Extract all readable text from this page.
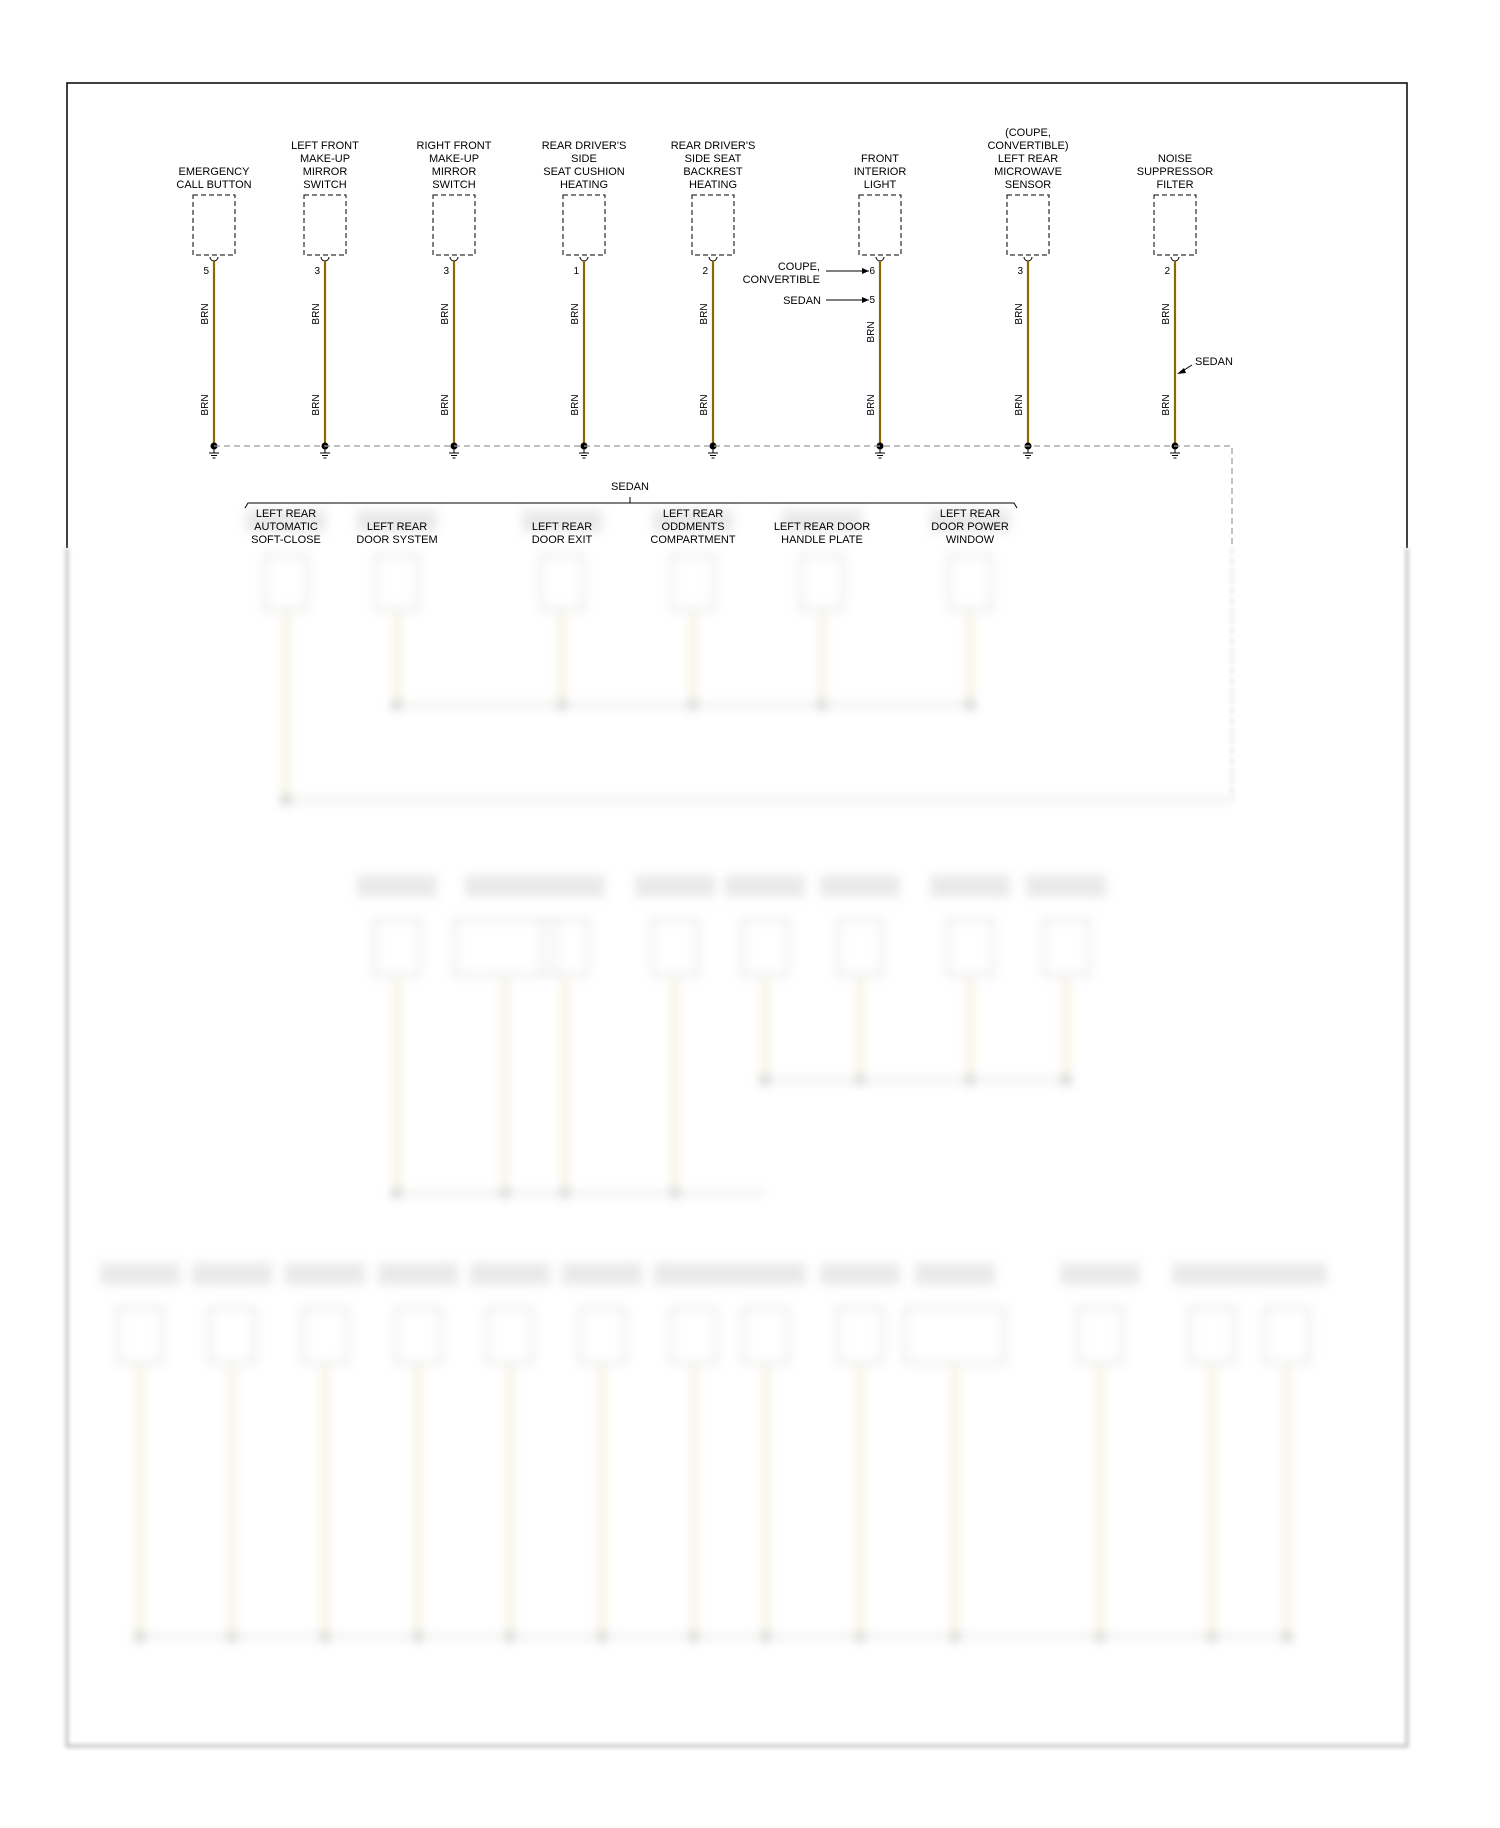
EMERGENCY
CALL BUTTON
5
BRN
BRN
LEFT FRONT
MAKE-UP
MIRROR
SWITCH
3
BRN
BRN
RIGHT FRONT
MAKE-UP
MIRROR
SWITCH
3
BRN
BRN
REAR DRIVER'S
SIDE
SEAT CUSHION
HEATING
1
BRN
BRN
REAR DRIVER'S
SIDE SEAT
BACKREST
HEATING
2
BRN
BRN
FRONT
INTERIOR
LIGHT
6
5
BRN
BRN
(COUPE,
CONVERTIBLE)
LEFT REAR
MICROWAVE
SENSOR
3
BRN
BRN
NOISE
SUPPRESSOR
FILTER
2
BRN
BRN
COUPE,
CONVERTIBLE
SEDAN
SEDAN
SEDAN
LEFT REAR
AUTOMATIC
SOFT-CLOSE
LEFT REAR
DOOR SYSTEM
LEFT REAR
DOOR EXIT
LEFT REAR
ODDMENTS
COMPARTMENT
LEFT REAR DOOR
HANDLE PLATE
LEFT REAR
DOOR POWER
WINDOW
